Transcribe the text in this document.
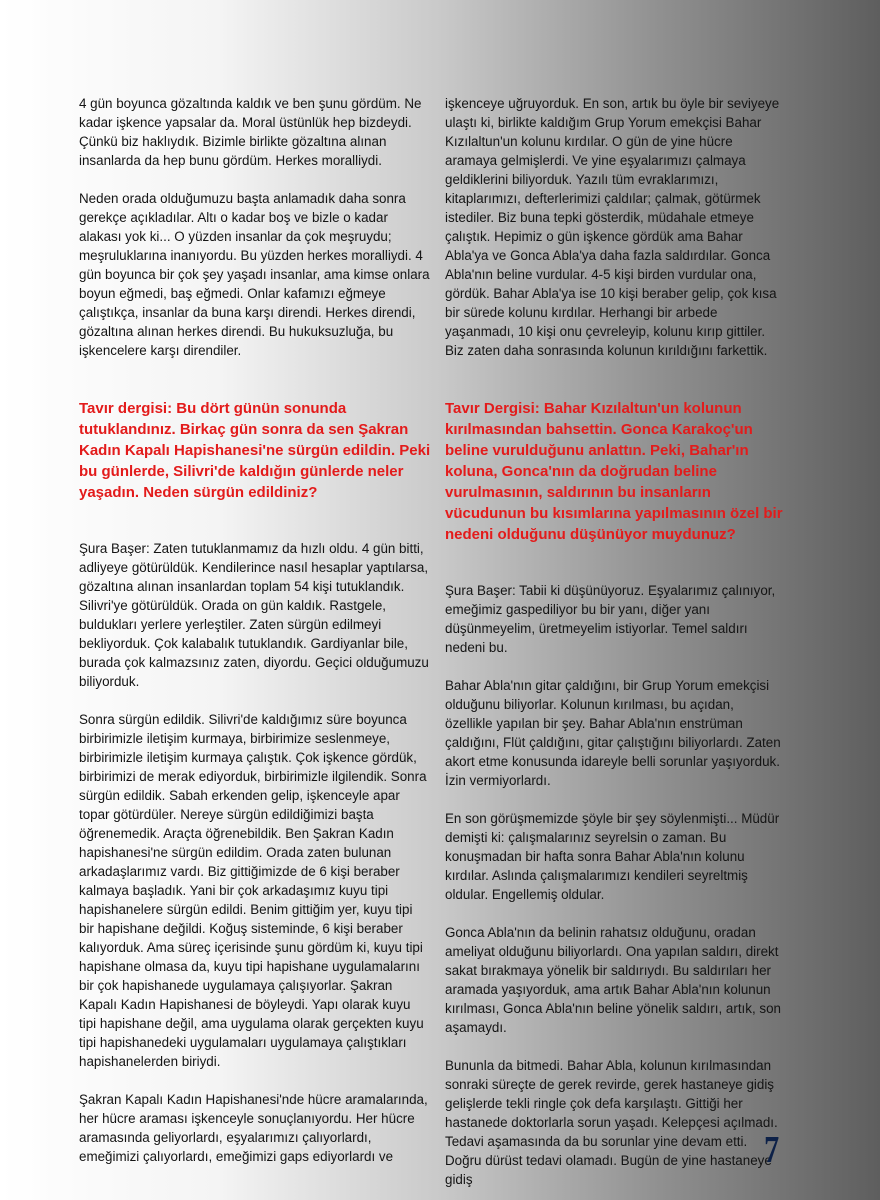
4 gün boyunca gözaltında kaldık ve ben şunu gördüm. Ne kadar işkence yapsalar da. Moral üstünlük hep bizdeydi. Çünkü biz haklıydık. Bizimle birlikte gözaltına alınan insanlarda da hep bunu gördüm. Herkes moralliydi.

Neden orada olduğumuzu başta anlamadık daha sonra gerekçe açıkladılar. Altı o kadar boş ve bizle o kadar alakası yok ki... O yüzden insanlar da çok meşruydu; meşruluklarına inanıyordu. Bu yüzden herkes moralliydi. 4 gün boyunca bir çok şey yaşadı insanlar, ama kimse onlara boyun eğmedi, baş eğmedi. Onlar kafamızı eğmeye çalıştıkça, insanlar da buna karşı direndi. Herkes direndi, gözaltına alınan herkes direndi. Bu hukuksuzluğa, bu işkencelere karşı direndiler.

Tavır dergisi: Bu dört günün sonunda tutuklandınız. Birkaç gün sonra da sen Şakran Kadın Kapalı Hapishanesi'ne sürgün edildin. Peki bu günlerde, Silivri'de kaldığın günlerde neler yaşadın. Neden sürgün edildiniz?

Şura Başer: Zaten tutuklanmamız da hızlı oldu. 4 gün bitti, adliyeye götürüldük. Kendilerince nasıl hesaplar yaptılarsa, gözaltına alınan insanlardan toplam 54 kişi tutuklandık. Silivri'ye götürüldük. Orada on gün kaldık. Rastgele, buldukları yerlere yerleştiler. Zaten sürgün edilmeyi bekliyorduk. Çok kalabalık tutuklandık. Gardiyanlar bile, burada çok kalmazsınız zaten, diyordu. Geçici olduğumuzu biliyorduk.

Sonra sürgün edildik. Silivri'de kaldığımız süre boyunca birbirimizle iletişim kurmaya, birbirimize seslenmeye, birbirimizle iletişim kurmaya çalıştık. Çok işkence gördük, birbirimizi de merak ediyorduk, birbirimizle ilgilendik. Sonra sürgün edildik. Sabah erkenden gelip, işkenceyle apar topar götürdüler. Nereye sürgün edildiğimizi başta öğrenemedik. Araçta öğrenebildik. Ben Şakran Kadın hapishanesi'ne sürgün edildim. Orada zaten bulunan arkadaşlarımız vardı. Biz gittiğimizde de 6 kişi beraber kalmaya başladık. Yani bir çok arkadaşımız kuyu tipi hapishanelere sürgün edildi. Benim gittiğim yer, kuyu tipi bir hapishane değildi. Koğuş sisteminde, 6 kişi beraber kalıyorduk. Ama süreç içerisinde şunu gördüm ki, kuyu tipi hapishane olmasa da, kuyu tipi hapishane uygulamalarını bir çok hapishanede uygulamaya çalışıyorlar. Şakran Kapalı Kadın Hapishanesi de böyleydi. Yapı olarak kuyu tipi hapishane değil, ama uygulama olarak gerçekten kuyu tipi hapishanedeki uygulamaları uygulamaya çalıştıkları hapishanelerden biriydi.

Şakran Kapalı Kadın Hapishanesi'nde hücre aramalarında, her hücre araması işkenceyle sonuçlanıyordu. Her hücre aramasında geliyorlardı, eşyalarımızı çalıyorlardı, emeğimizi çalıyorlardı, emeğimizi gaps ediyorlardı ve

işkenceye uğruyorduk. En son, artık bu öyle bir seviyeye ulaştı ki, birlikte kaldığım Grup Yorum emekçisi Bahar Kızılaltun'un kolunu kırdılar. O gün de yine hücre aramaya gelmişlerdi. Ve yine eşyalarımızı çalmaya geldiklerini biliyorduk. Yazılı tüm evraklarımızı, kitaplarımızı, defterlerimizi çaldılar; çalmak, götürmek istediler. Biz buna tepki gösterdik, müdahale etmeye çalıştık. Hepimiz o gün işkence gördük ama Bahar Abla'ya ve Gonca Abla'ya daha fazla saldırdılar. Gonca Abla'nın beline vurdular. 4-5 kişi birden vurdular ona, gördük. Bahar Abla'ya ise 10 kişi beraber gelip, çok kısa bir sürede kolunu kırdılar. Herhangi bir arbede yaşanmadı, 10 kişi onu çevreleyip, kolunu kırıp gittiler. Biz zaten daha sonrasında kolunun kırıldığını farkettik.

Tavır Dergisi: Bahar Kızılaltun'un kolunun kırılmasından bahsettin. Gonca Karakoç'un beline vurulduğunu anlattın. Peki, Bahar'ın koluna, Gonca'nın da doğrudan beline vurulmasının, saldırının bu insanların vücudunun bu kısımlarına yapılmasının özel bir nedeni olduğunu düşünüyor muydunuz?

Şura Başer: Tabii ki düşünüyoruz. Eşyalarımız çalınıyor, emeğimiz gaspediliyor bu bir yanı, diğer yanı düşünmeyelim, üretmeyelim istiyorlar. Temel saldırı nedeni bu.

Bahar Abla'nın gitar çaldığını, bir Grup Yorum emekçisi olduğunu biliyorlar. Kolunun kırılması, bu açıdan, özellikle yapılan bir şey. Bahar Abla'nın enstrüman çaldığını, Flüt çaldığını, gitar çalıştığını biliyorlardı. Zaten akort etme konusunda idareyle belli sorunlar yaşıyorduk. İzin vermiyorlardı.

En son görüşmemizde şöyle bir şey söylenmişti... Müdür demişti ki: çalışmalarınız seyrelsin o zaman. Bu konuşmadan bir hafta sonra Bahar Abla'nın kolunu kırdılar. Aslında çalışmalarımızı kendileri seyreltmiş oldular. Engellemiş oldular.

Gonca Abla'nın da belinin rahatsız olduğunu, oradan ameliyat olduğunu biliyorlardı. Ona yapılan saldırı, direkt sakat bırakmaya yönelik bir saldırıydı. Bu saldırıları her aramada yaşıyorduk, ama artık Bahar Abla'nın kolunun kırılması, Gonca Abla'nın beline yönelik saldırı, artık, son aşamaydı.

Bununla da bitmedi. Bahar Abla, kolunun kırılmasından sonraki süreçte de gerek revirde, gerek hastaneye gidiş gelişlerde tekli ringle çok defa karşılaştı. Gittiği her hastanede doktorlarla sorun yaşadı. Kelepçesi açılmadı. Tedavi aşamasında da bu sorunlar yine devam etti. Doğru dürüst tedavi olamadı. Bugün de yine hastaneye gidiş

7
